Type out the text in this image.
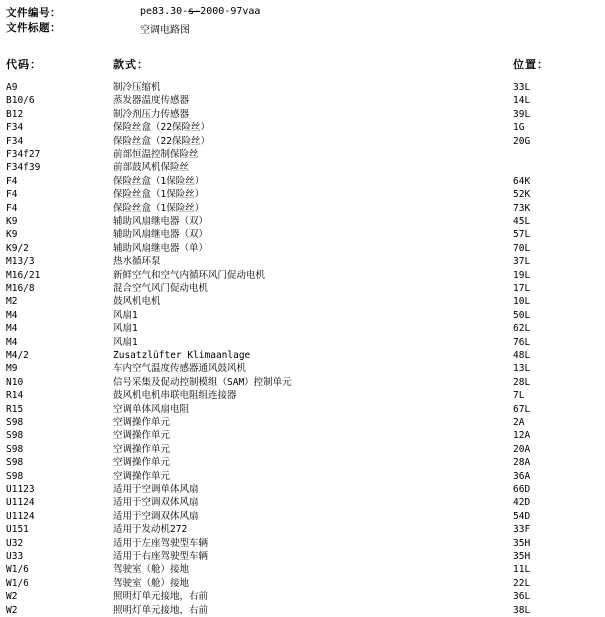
文件编号：	pe83.30-s-2000-97vaa
文件标题：	空调电路图
代码：	款式：	位置：
A9	制冷压缩机	33L
B10/6	蒸发器温度传感器	14L
B12	制冷剂压力传感器	39L
F34	保险丝盒（22保险丝）	1G
F34	保险丝盒（22保险丝）	20G
F34f27	前部恒温控制保险丝
F34f39	前部鼓风机保险丝
F4	保险丝盒（1保险丝）	64K
F4	保险丝盒（1保险丝）	52K
F4	保险丝盒（1保险丝）	73K
K9	辅助风扇继电器（双）	45L
K9	辅助风扇继电器（双）	57L
K9/2	辅助风扇继电器（单）	70L
M13/3	热水循环泵	37L
M16/21	新鲜空气和空气内循环风门促动电机	19L
M16/8	混合空气风门促动电机	17L
M2	鼓风机电机	10L
M4	风扇1	50L
M4	风扇1	62L
M4	风扇1	76L
M4/2	Zusatzlüfter Klimaanlage	48L
M9	车内空气温度传感器通风鼓风机	13L
N10	信号采集及促动控制模组（SAM）控制单元	28L
R14	鼓风机电机串联电阻组连接器	7L
R15	空调单体风扇电阻	67L
S98	空调操作单元	2A
S98	空调操作单元	12A
S98	空调操作单元	20A
S98	空调操作单元	28A
S98	空调操作单元	36A
U1123	适用于空调单体风扇	66D
U1124	适用于空调双体风扇	42D
U1124	适用于空调双体风扇	54D
U151	适用于发动机272	33F
U32	适用于左座驾驶型车辆	35H
U33	适用于右座驾驶型车辆	35H
W1/6	驾驶室（舱）接地	11L
W1/6	驾驶室（舱）接地	22L
W2	照明灯单元接地，右前	36L
W2	照明灯单元接地，右前	38L
